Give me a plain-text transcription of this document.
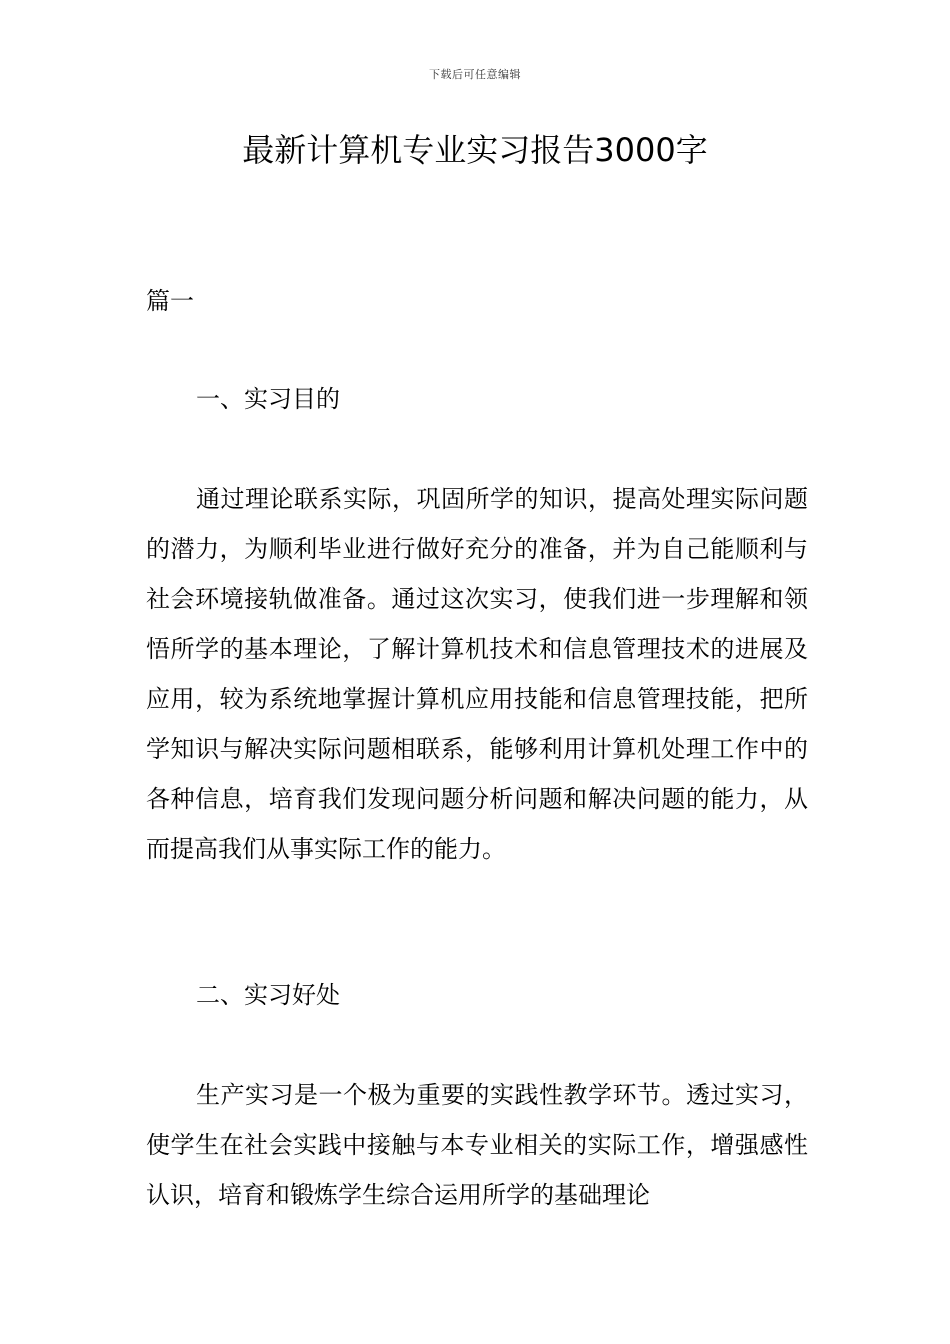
下载后可任意编辑
最新计算机专业实习报告3000字
篇一
一、实习目的

通过理论联系实际，巩固所学的知识，提高处理实际问题的潜力，为顺利毕业进行做好充分的准备，并为自己能顺利与社会环境接轨做准备。通过这次实习，使我们进一步理解和领悟所学的基本理论，了解计算机技术和信息管理技术的进展及应用，较为系统地掌握计算机应用技能和信息管理技能，把所学知识与解决实际问题相联系，能够利用计算机处理工作中的各种信息，培育我们发现问题分析问题和解决问题的能力，从而提高我们从事实际工作的能力。

二、实习好处

生产实习是一个极为重要的实践性教学环节。透过实习，使学生在社会实践中接触与本专业相关的实际工作，增强感性认识，培育和锻炼学生综合运用所学的基础理论
